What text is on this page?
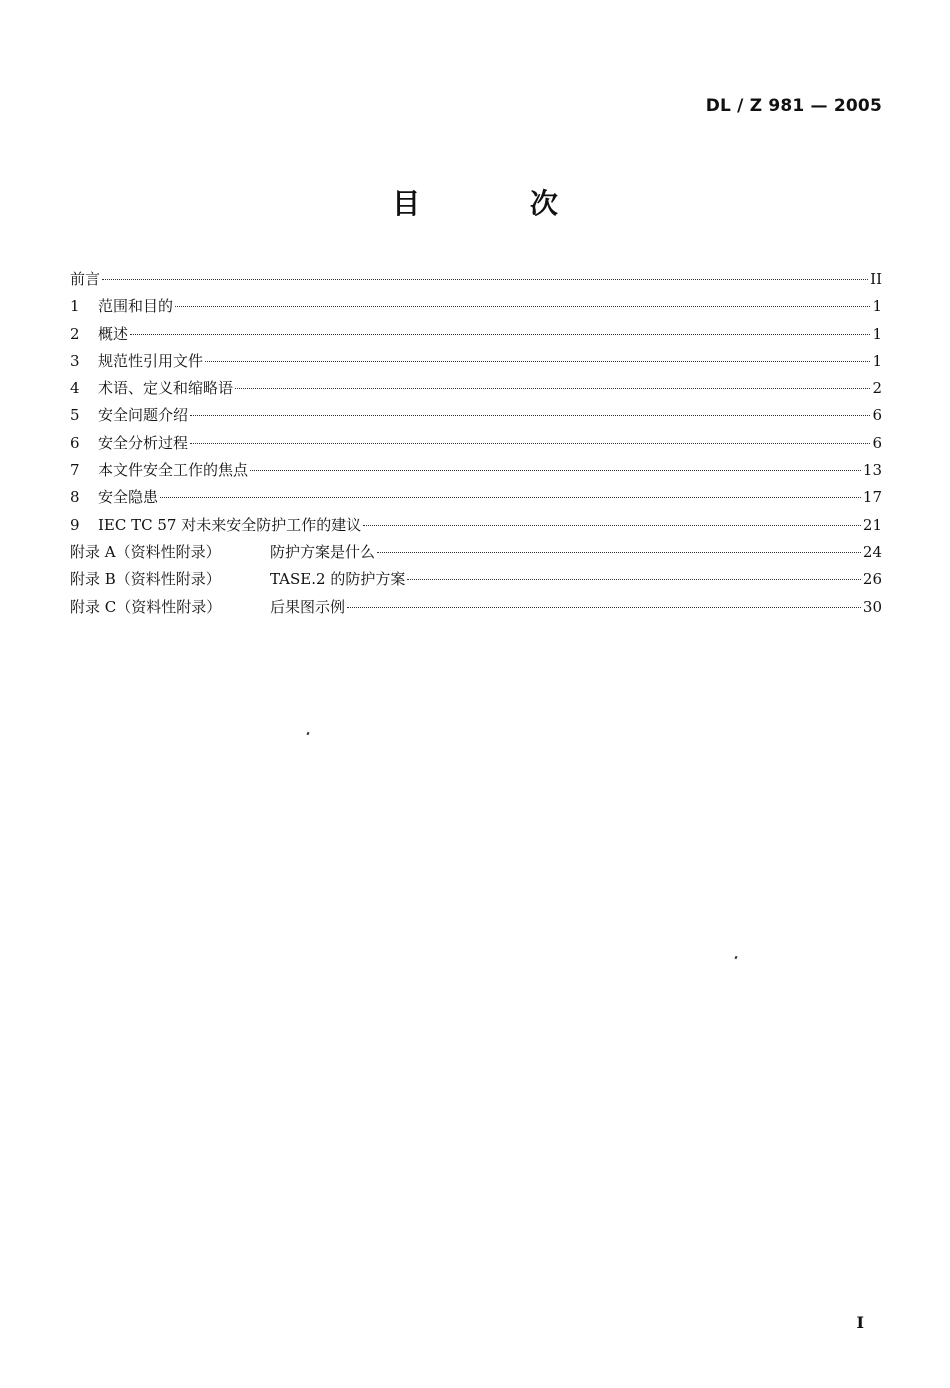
DL / Z 981 — 2005
目 次
前言	II
1	范围和目的	1
2	概述	1
3	规范性引用文件	1
4	术语、定义和缩略语	2
5	安全问题介绍	6
6	安全分析过程	6
7	本文件安全工作的焦点	13
8	安全隐患	17
9	IEC TC 57 对未来安全防护工作的建议	21
附录 A（资料性附录）	防护方案是什么	24
附录 B（资料性附录）	TASE.2 的防护方案	26
附录 C（资料性附录）	后果图示例	30
I
